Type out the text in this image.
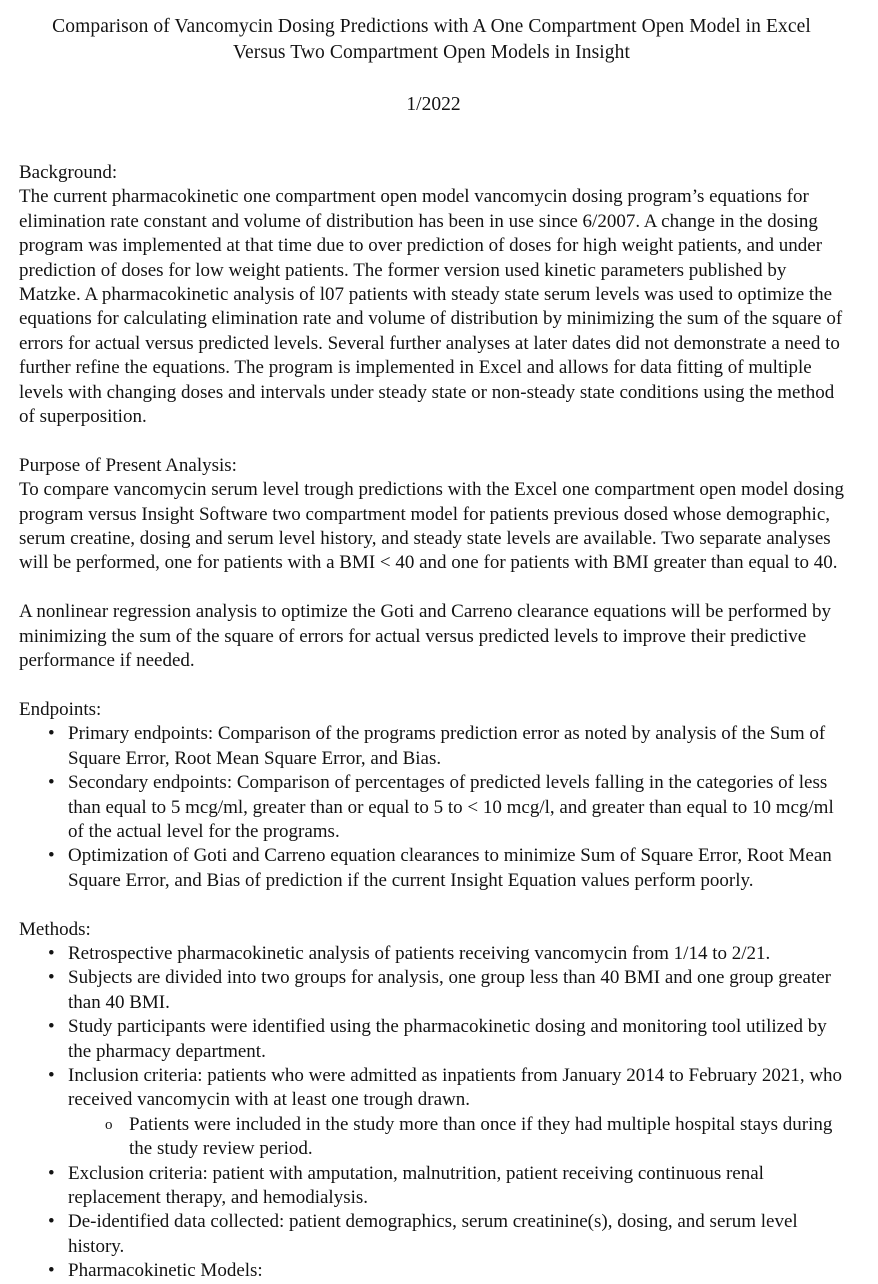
Comparison of Vancomycin Dosing Predictions with A One Compartment Open Model in Excel Versus Two Compartment Open Models in Insight
1/2022
Background:

The current pharmacokinetic one compartment open model vancomycin dosing program’s equations for elimination rate constant and volume of distribution has been in use since 6/2007. A change in the dosing program was implemented at that time due to over prediction of doses for high weight patients, and under prediction of doses for low weight patients. The former version used kinetic parameters published by Matzke. A pharmacokinetic analysis of l07 patients with steady state serum levels was used to optimize the equations for calculating elimination rate and volume of distribution by minimizing the sum of the square of errors for actual versus predicted levels. Several further analyses at later dates did not demonstrate a need to further refine the equations. The program is implemented in Excel and allows for data fitting of multiple levels with changing doses and intervals under steady state or non-steady state conditions using the method of superposition.

Purpose of Present Analysis:

To compare vancomycin serum level trough predictions with the Excel one compartment open model dosing program versus Insight Software two compartment model for patients previous dosed whose demographic, serum creatine, dosing and serum level history, and steady state levels are available. Two separate analyses will be performed, one for patients with a BMI < 40 and one for patients with BMI greater than equal to 40.

A nonlinear regression analysis to optimize the Goti and Carreno clearance equations will be performed by minimizing the sum of the square of errors for actual versus predicted levels to improve their predictive performance if needed.

Endpoints:
• Primary endpoints: Comparison of the programs prediction error as noted by analysis of the Sum of Square Error, Root Mean Square Error, and Bias.
• Secondary endpoints: Comparison of percentages of predicted levels falling in the categories of less than equal to 5 mcg/ml, greater than or equal to 5 to < 10 mcg/l, and greater than equal to 10 mcg/ml of the actual level for the programs.
• Optimization of Goti and Carreno equation clearances to minimize Sum of Square Error, Root Mean Square Error, and Bias of prediction if the current Insight Equation values perform poorly.
Methods:
• Retrospective pharmacokinetic analysis of patients receiving vancomycin from 1/14 to 2/21.
• Subjects are divided into two groups for analysis, one group less than 40 BMI and one group greater than 40 BMI.
• Study participants were identified using the pharmacokinetic dosing and monitoring tool utilized by the pharmacy department.
• Inclusion criteria: patients who were admitted as inpatients from January 2014 to February 2021, who received vancomycin with at least one trough drawn.
o Patients were included in the study more than once if they had multiple hospital stays during the study review period.
• Exclusion criteria: patient with amputation, malnutrition, patient receiving continuous renal replacement therapy, and hemodialysis.
• De-identified data collected: patient demographics, serum creatinine(s), dosing, and serum level history.
• Pharmacokinetic Models:
